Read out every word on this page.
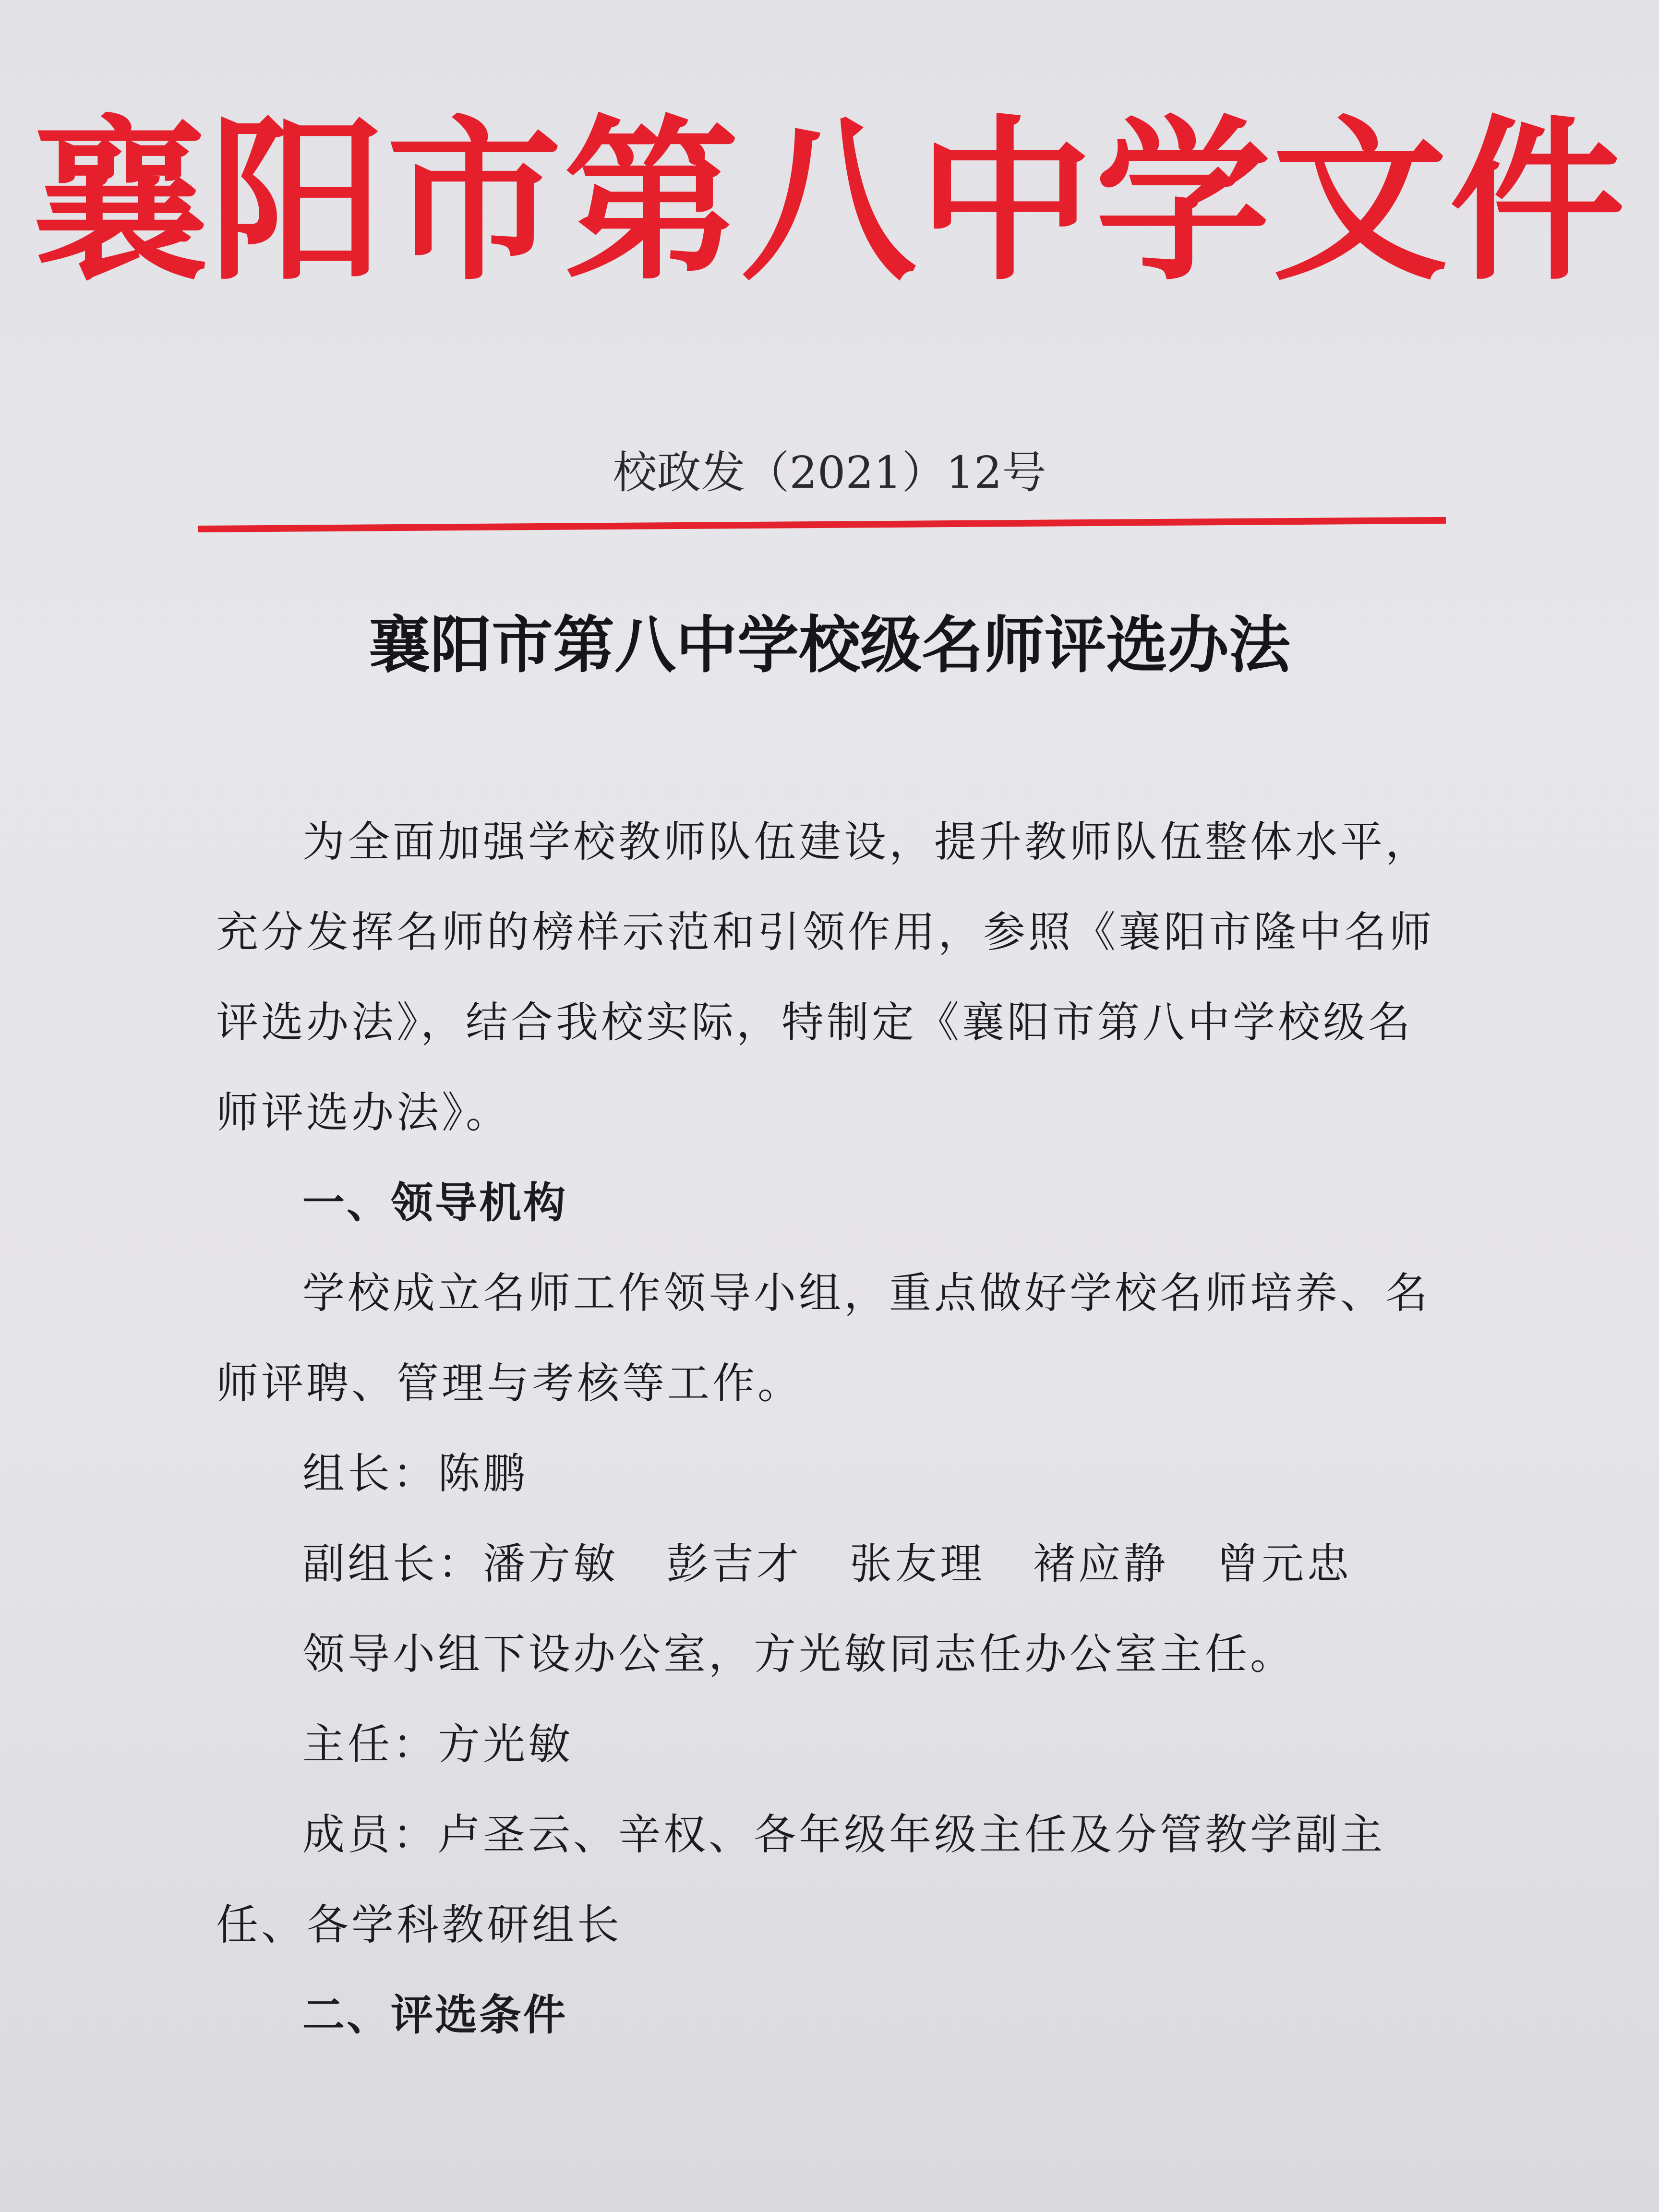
襄阳市第八中学文件
校政发（2021）12号
襄阳市第八中学校级名师评选办法

为全面加强学校教师队伍建设，提升教师队伍整体水平，充分发挥名师的榜样示范和引领作用，参照《襄阳市隆中名师评选办法》，结合我校实际，特制定《襄阳市第八中学校级名师评选办法》。

一、领导机构

学校成立名师工作领导小组，重点做好学校名师培养、名师评聘、管理与考核等工作。

组长：陈鹏

副组长：潘方敏 彭吉才 张友理 褚应静 曾元忠

领导小组下设办公室，方光敏同志任办公室主任。

主任：方光敏

成员：卢圣云、辛权、各年级年级主任及分管教学副主任、各学科教研组长

二、评选条件
